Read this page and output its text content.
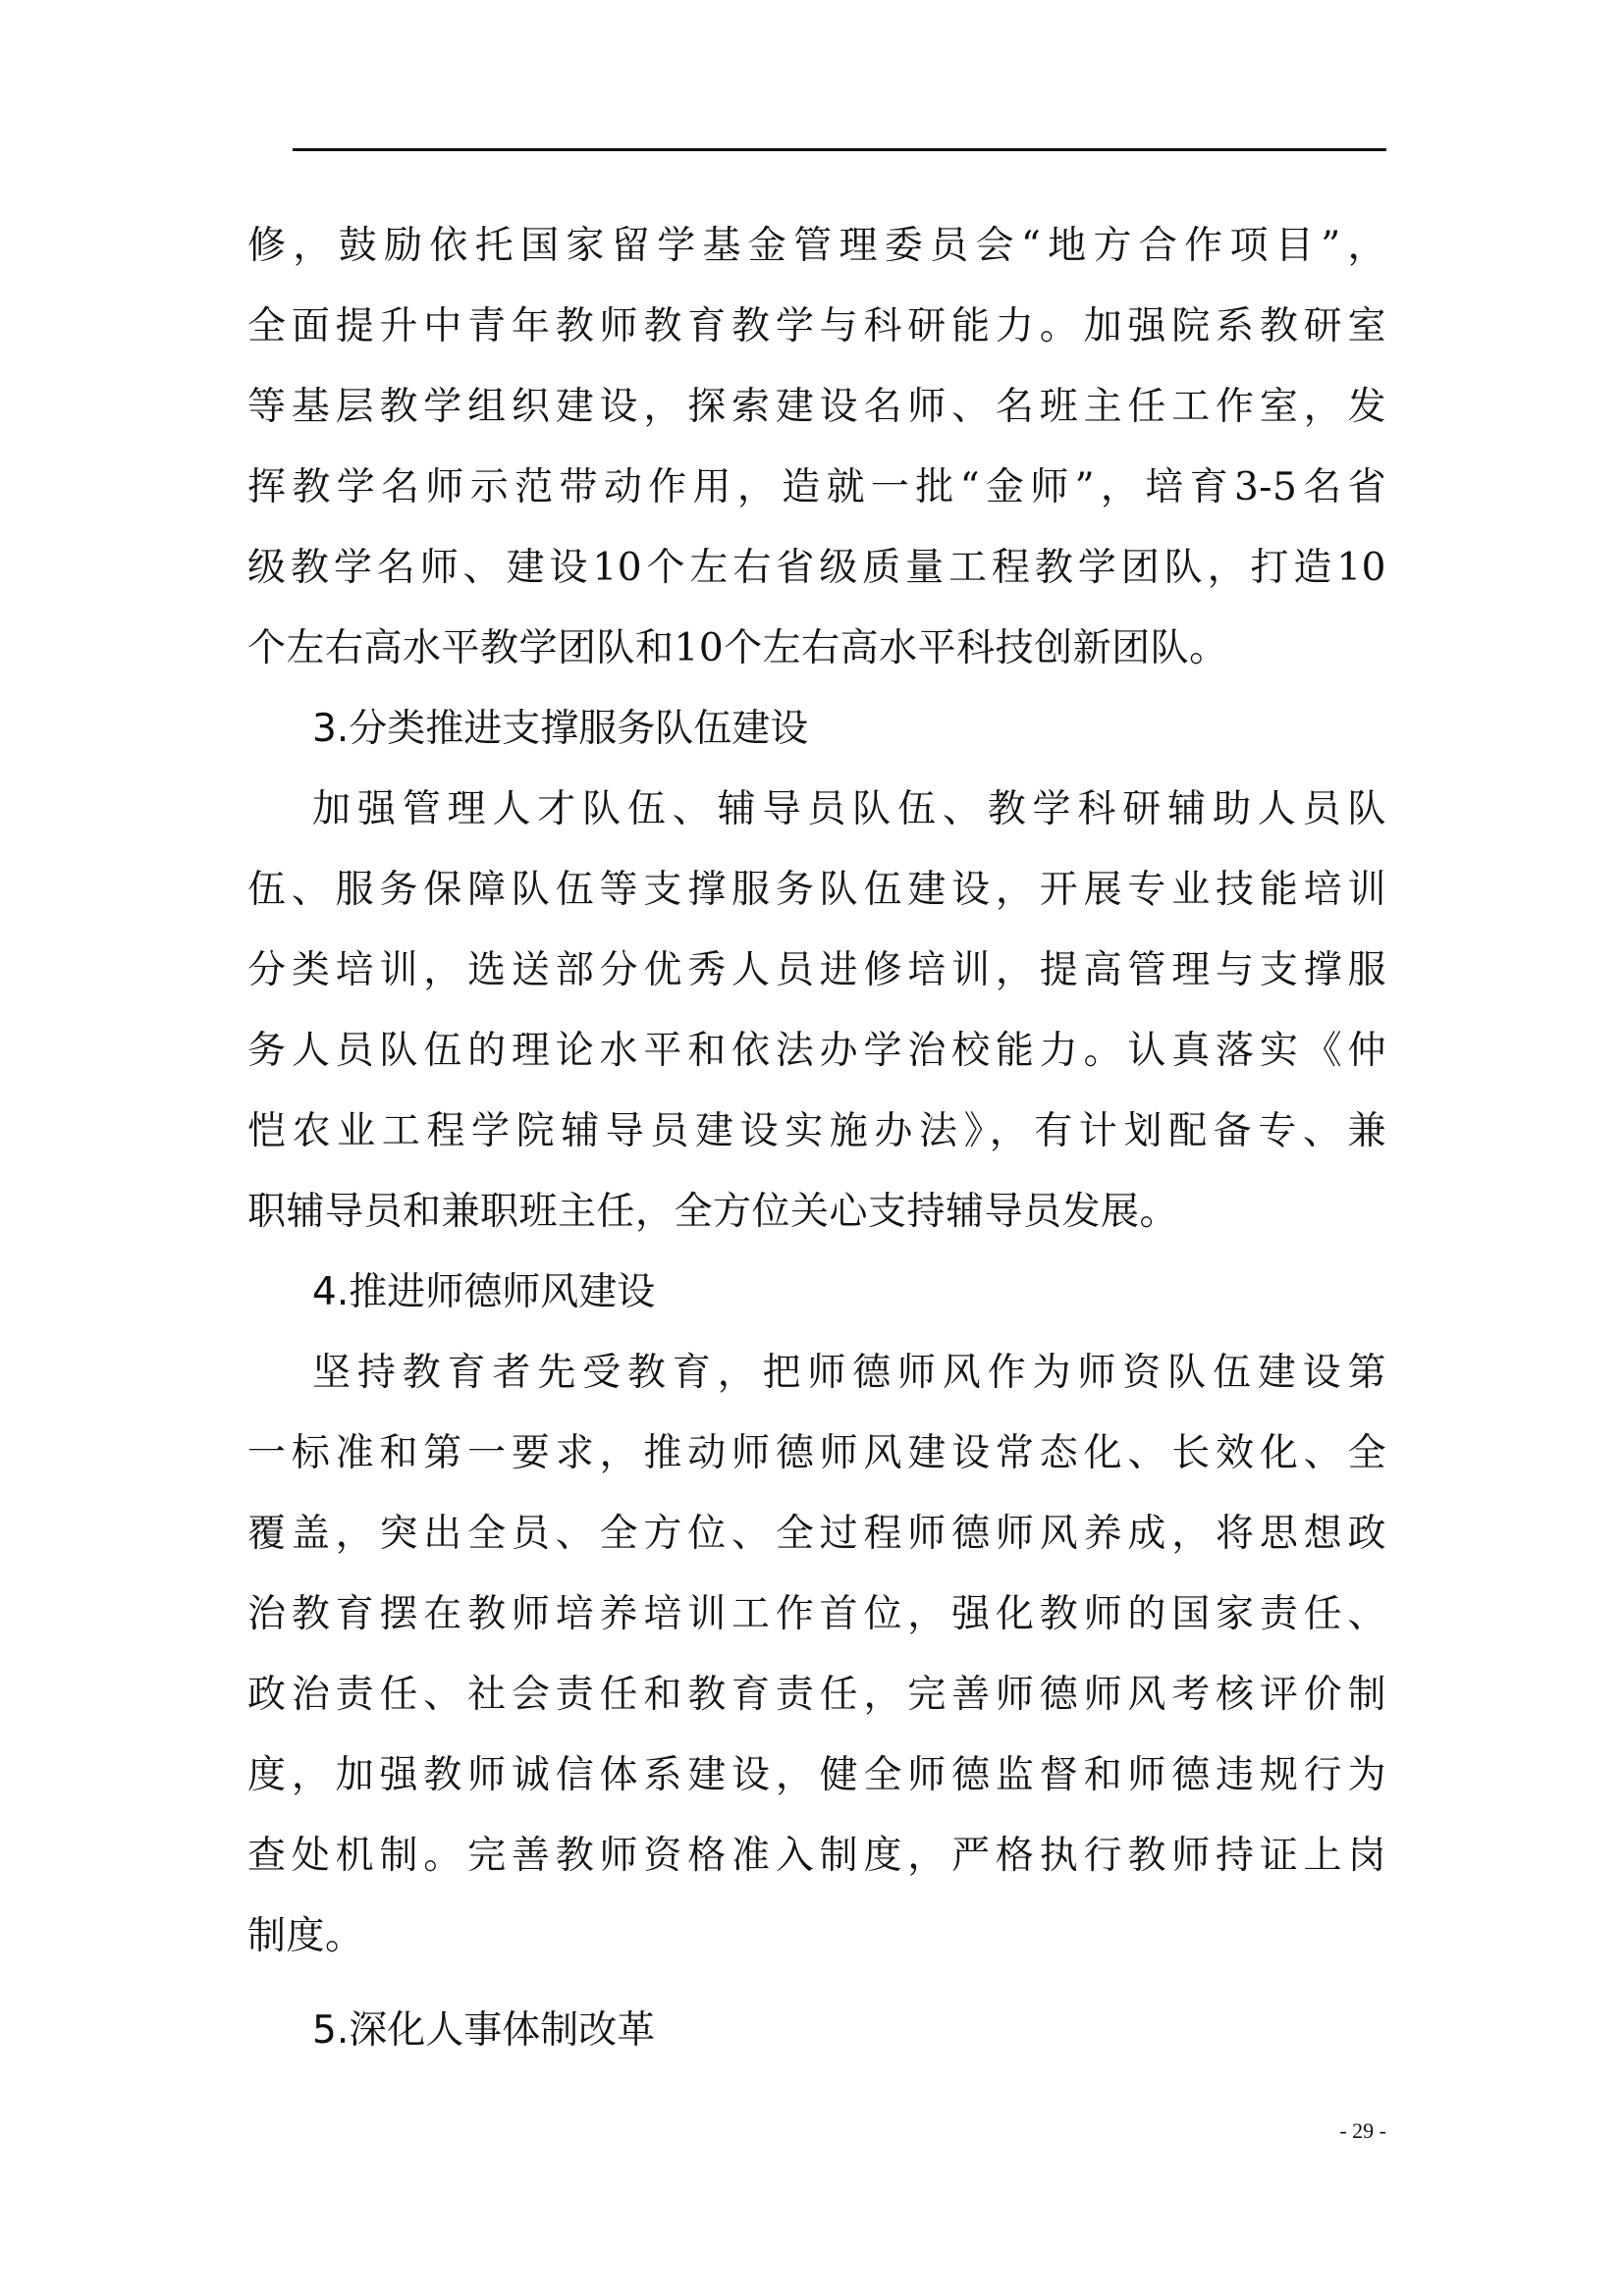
修，鼓励依托国家留学基金管理委员会“地方合作项目”，
全面提升中青年教师教育教学与科研能力。加强院系教研室
等基层教学组织建设，探索建设名师、名班主任工作室，发
挥教学名师示范带动作用，造就一批“金师”，培育3-5名省
级教学名师、建设10个左右省级质量工程教学团队，打造10
个左右高水平教学团队和10个左右高水平科技创新团队。
3.分类推进支撑服务队伍建设
加强管理人才队伍、辅导员队伍、教学科研辅助人员队
伍、服务保障队伍等支撑服务队伍建设，开展专业技能培训
分类培训，选送部分优秀人员进修培训，提高管理与支撑服
务人员队伍的理论水平和依法办学治校能力。认真落实《仲
恺农业工程学院辅导员建设实施办法》，有计划配备专、兼
职辅导员和兼职班主任，全方位关心支持辅导员发展。
4.推进师德师风建设
坚持教育者先受教育，把师德师风作为师资队伍建设第
一标准和第一要求，推动师德师风建设常态化、长效化、全
覆盖，突出全员、全方位、全过程师德师风养成，将思想政
治教育摆在教师培养培训工作首位，强化教师的国家责任、
政治责任、社会责任和教育责任，完善师德师风考核评价制
度，加强教师诚信体系建设，健全师德监督和师德违规行为
查处机制。完善教师资格准入制度，严格执行教师持证上岗
制度。
5.深化人事体制改革
- 29 -
